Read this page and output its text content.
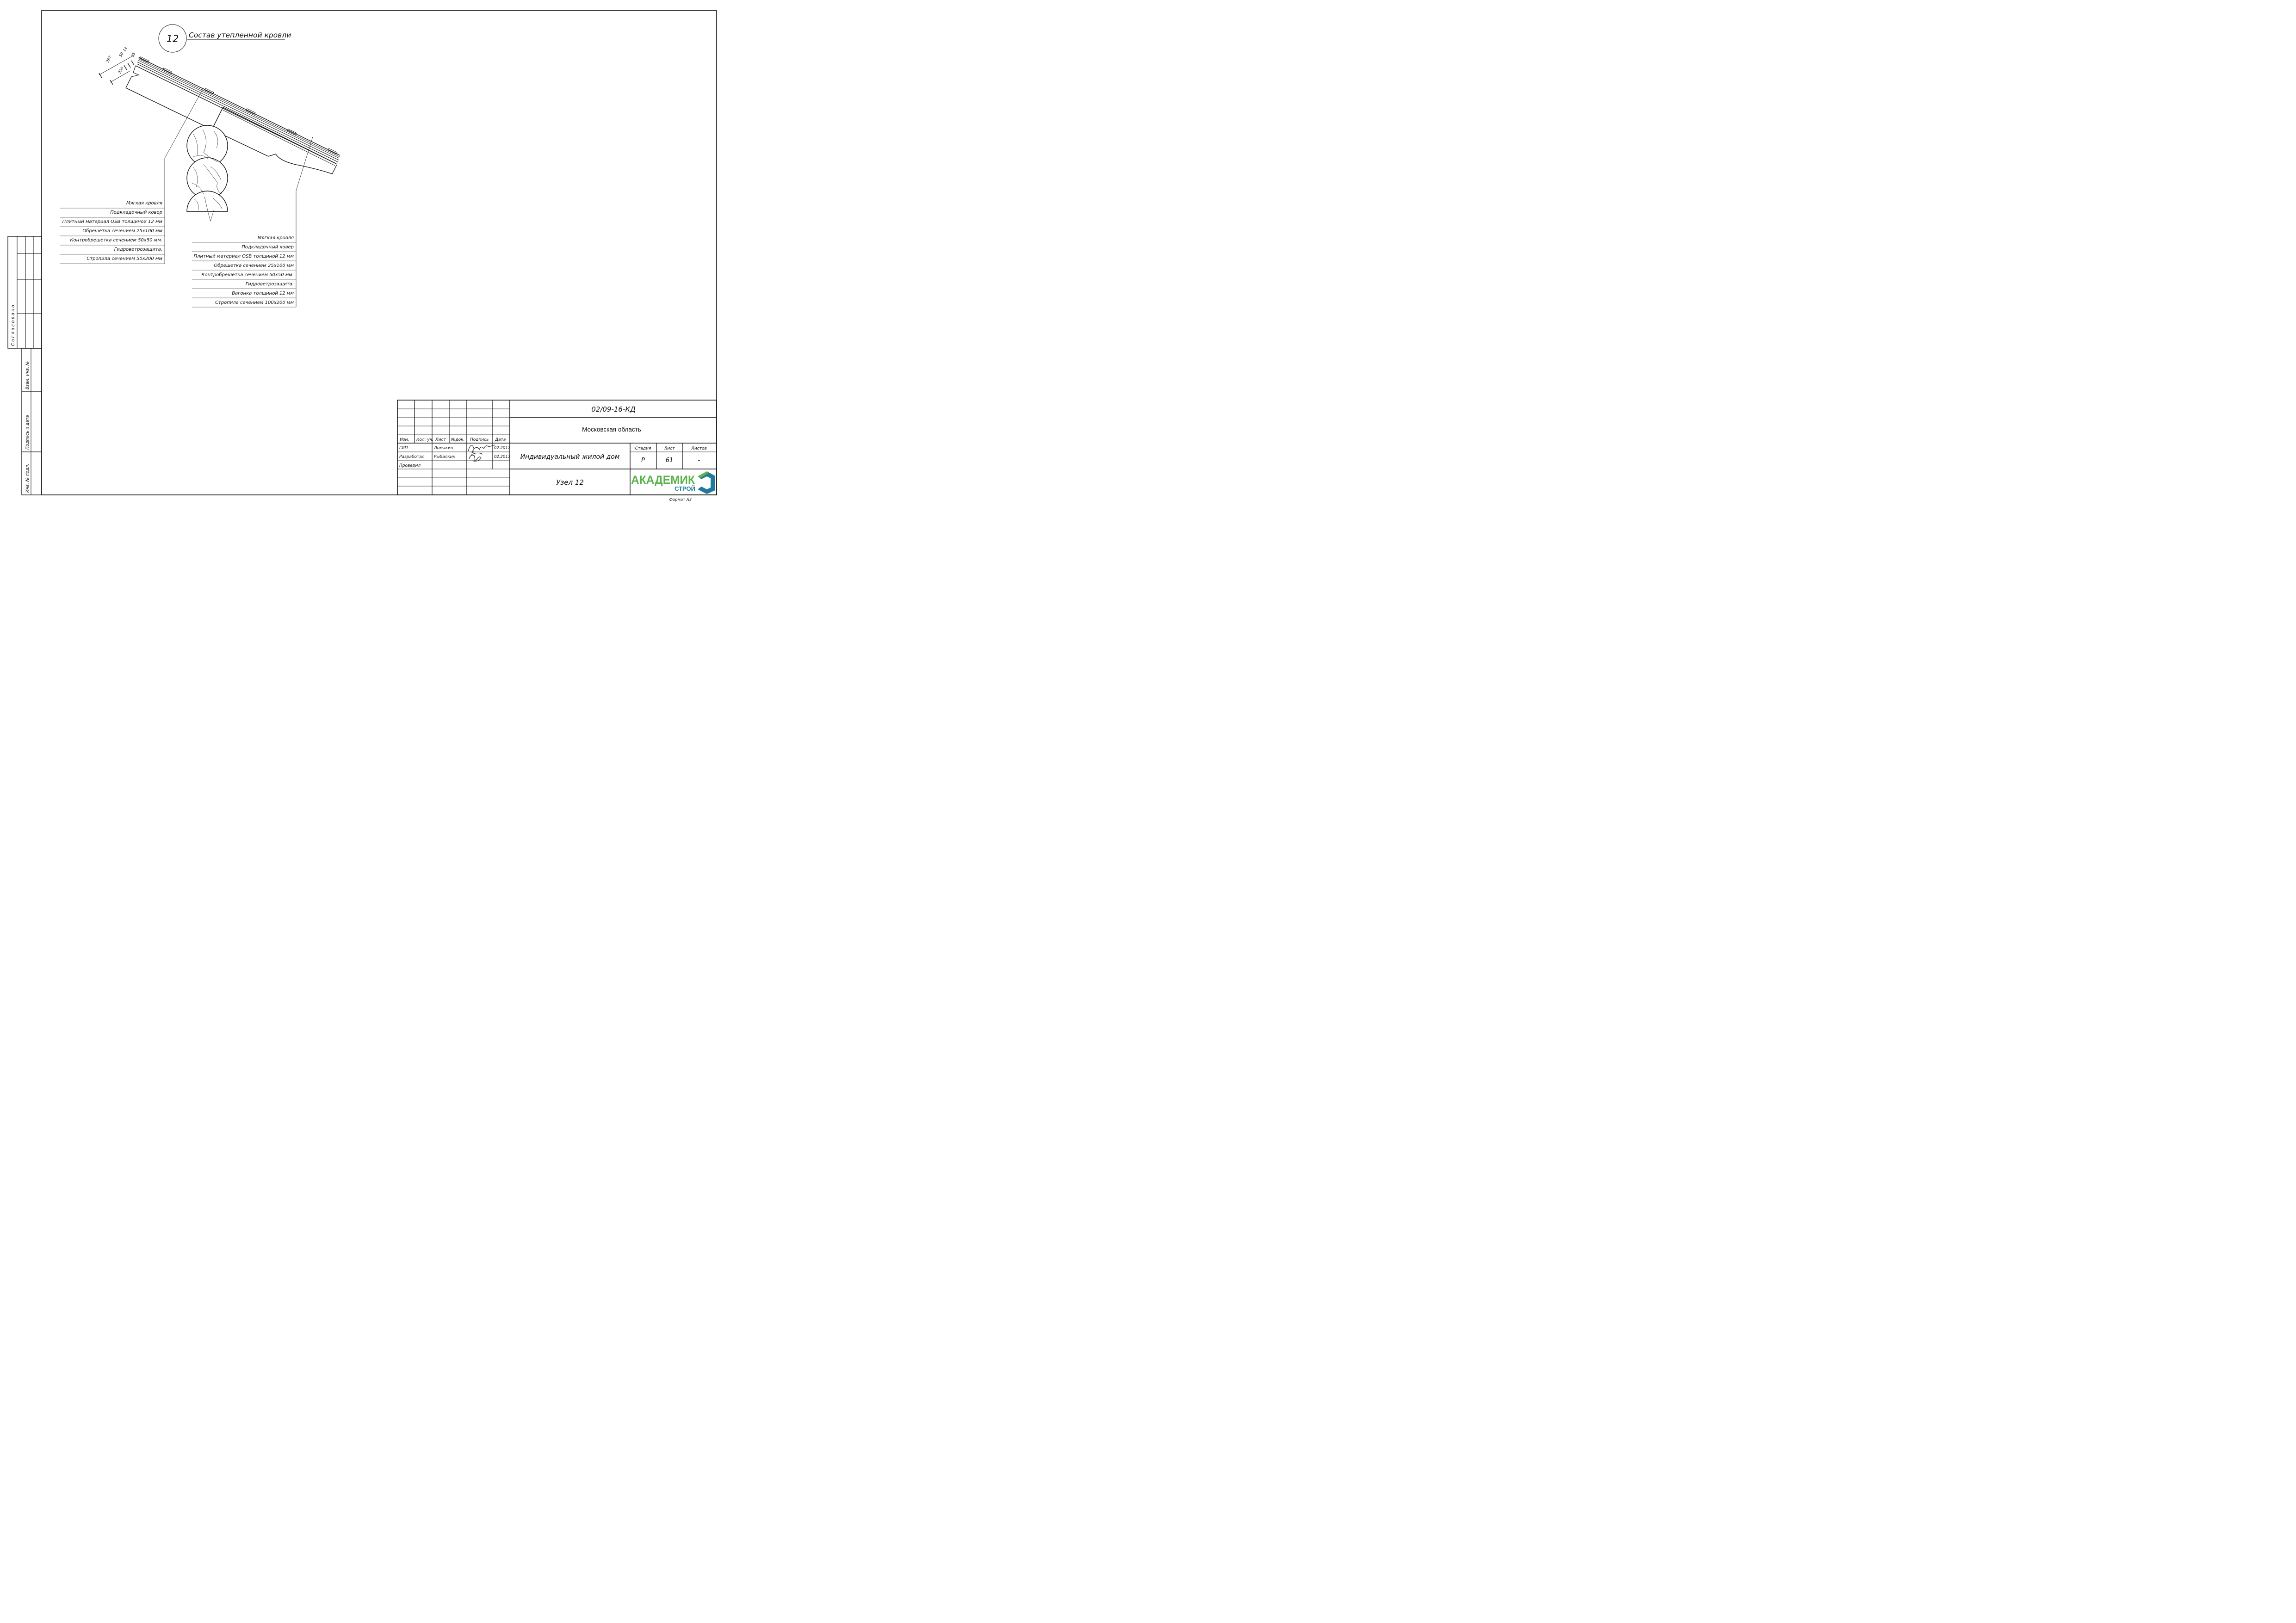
Согласовано
Взам. инв. №
Подпись и дата
Инв. № подл.
12 Состав утепленной кровли
287
50
12
25
200
Мягкая кровля
Подкладочный ковер
Плитный материал OSB толщиной 12 мм
Обрешетка сечением 25х100 мм
Контробрешетка сечением 50х50 мм.
Гидроветрозащита.
Стропила сечением 50х200 мм
Мягкая кровля
Подкладочный ковер
Плитный материал OSB толщиной 12 мм
Обрешетка сечением 25х100 мм
Контробрешетка сечением 50х50 мм.
Гидроветрозащита.
Вагонка толщиной 12 мм
Стропила сечением 100х200 мм
Изм. Кол. уч. Лист №док. Подпись Дата
ГИП	Ломакин	02.2017
Разработал Рыбалкин	02.2017
Проверил
02/09-16-КД
Московская область
Индивидуальный жилой дом
Узел 12
Стадия	Лист	Листов
Р	61	-
АКАДЕМИК
СТРОЙ
Формат А3
